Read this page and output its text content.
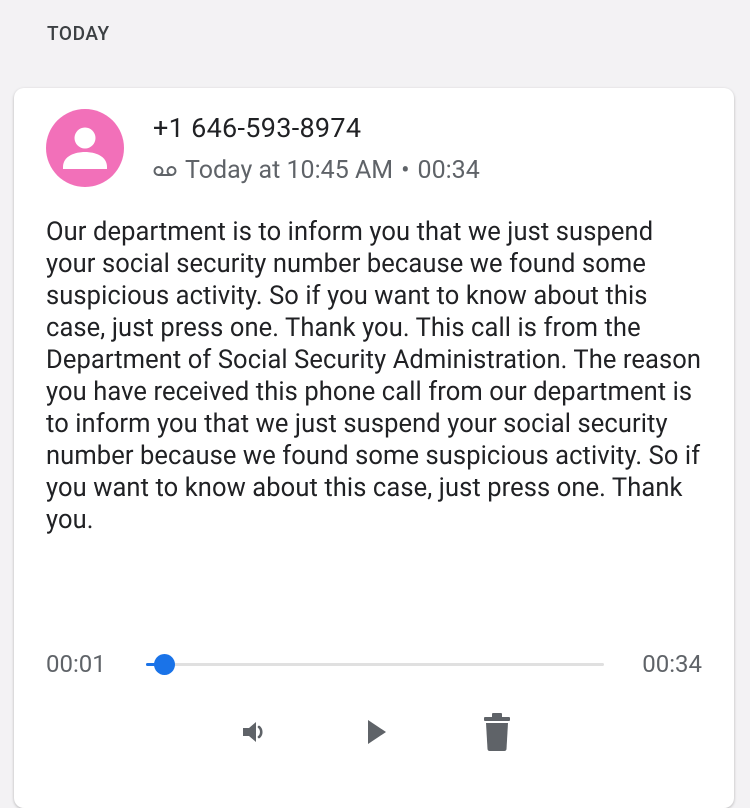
TODAY
+1 646-593-8974
Today at 10:45 AM • 00:34
Our department is to inform you that we just suspend your social security number because we found some suspicious activity. So if you want to know about this case, just press one. Thank you. This call is from the Department of Social Security Administration. The reason you have received this phone call from our department is to inform you that we just suspend your social security number because we found some suspicious activity. So if you want to know about this case, just press one. Thank you.
00:01	00:34
